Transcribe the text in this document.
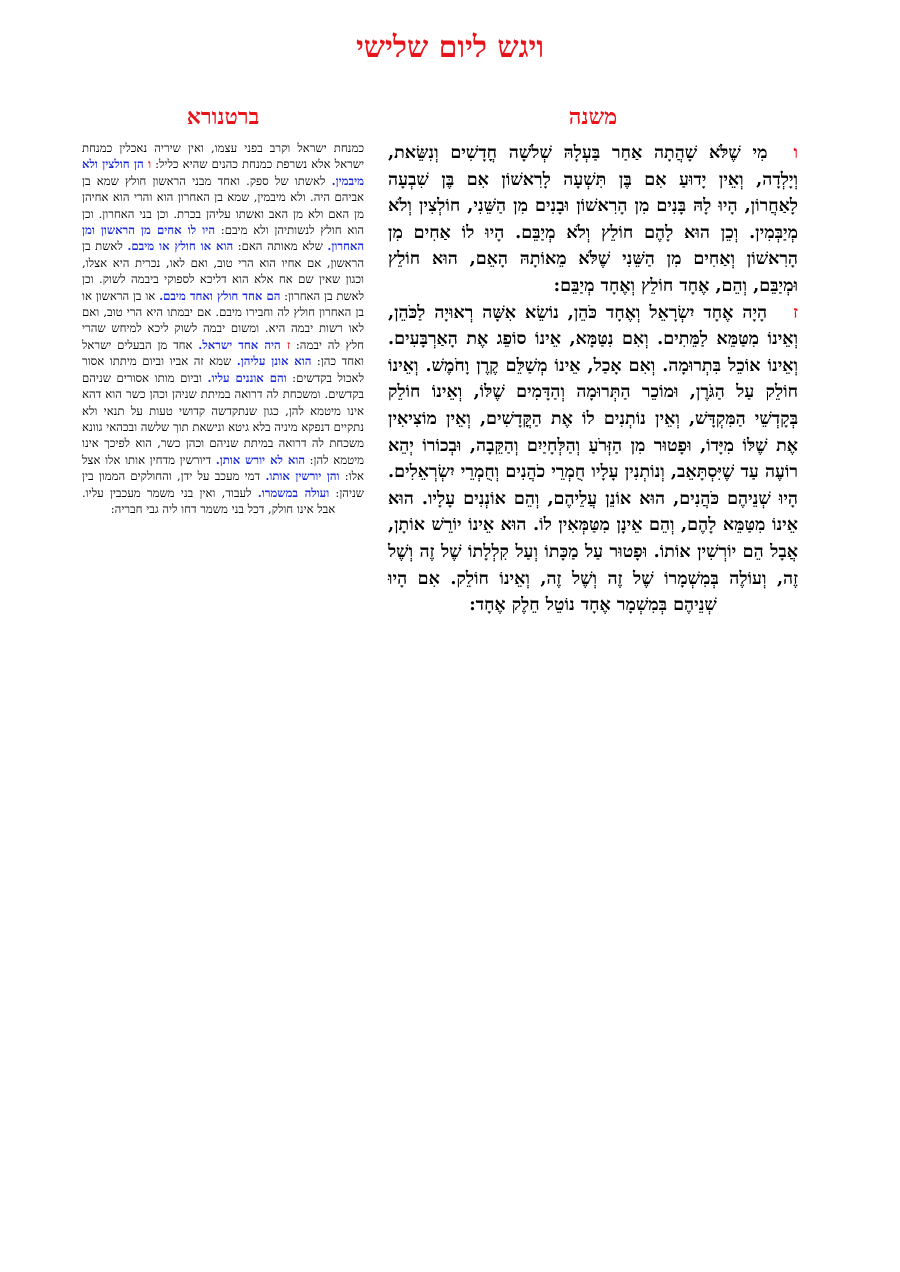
ויגש ליום שלישי
משנה

ומִי שֶׁלֹּא שָׁהֲתָה אַחַר בַּעְלָהּ שְׁלֹשָׁה חֳדָשִׁים וְנִשֵּׂאת, וְיָלְדָה, וְאֵין יָדוּעַ אִם בֶּן תִּשְׁעָה לָרִאשׁוֹן אִם בֶּן שִׁבְעָה לָאַחֲרוֹן, הָיוּ לָהּ בָּנִים מִן הָרִאשׁוֹן וּבָנִים מִן הַשֵּׁנִי, חוֹלְצִין וְלֹא מְיַבְּמִין. וְכֵן הוּא לָהֶם חוֹלֵץ וְלֹא מְיַבֵּם. הָיוּ לוֹ אַחִים מִן הָרִאשׁוֹן וְאַחִים מִן הַשֵּׁנִי שֶׁלֹּא מֵאוֹתָהּ הָאֵם, הוּא חוֹלֵץ וּמְיַבֵּם, וְהֵם, אֶחָד חוֹלֵץ וְאֶחָד מְיַבֵּם:

זהָיָה אֶחָד יִשְׂרָאֵל וְאֶחָד כֹּהֵן, נוֹשֵׂא אִשָּׁה רְאוּיָה לַכֹּהֵן, וְאֵינוֹ מִטַּמֵּא לַמֵּתִים. וְאִם נִטַּמָּא, אֵינוֹ סוֹפֵג אֶת הָאַרְבָּעִים. וְאֵינוֹ אוֹכֵל בִּתְרוּמָה. וְאִם אָכַל, אֵינוֹ מְשַׁלֵּם קֶרֶן וָחֹמֶשׁ. וְאֵינוֹ חוֹלֵק עַל הַגֹּרֶן, וּמוֹכֵר הַתְּרוּמָה וְהַדָּמִים שֶׁלּוֹ, וְאֵינוֹ חוֹלֵק בְּקָדְשֵׁי הַמִּקְדָּשׁ, וְאֵין נוֹתְנִים לוֹ אֶת הַקֳּדָשִׁים, וְאֵין מוֹצִיאִין אֶת שֶׁלּוֹ מִיָּדוֹ, וּפָטוּר מִן הַזְּרֹעַ וְהַלְּחָיַיִם וְהַקֵּבָה, וּבְכוֹרוֹ יְהֵא רוֹעֶה עַד שֶׁיִּסְתָּאֵב, וְנוֹתְנִין עָלָיו חֻמְרֵי כֹהֲנִים וְחֻמְרֵי יִשְׂרְאֵלִים. הָיוּ שְׁנֵיהֶם כֹּהֲנִים, הוּא אוֹנֵן עֲלֵיהֶם, וְהֵם אוֹנְנִים עָלָיו. הוּא אֵינוֹ מִטַּמֵּא לָהֶם, וְהֵם אֵינָן מִטַּמְּאִין לוֹ. הוּא אֵינוֹ יוֹרֵשׁ אוֹתָן, אֲבָל הֵם יוֹרְשִׁין אוֹתוֹ. וּפָטוּר עַל מַכָּתוֹ וְעַל קִלְלָתוֹ שֶׁל זֶה וְשֶׁל זֶה, וְעוֹלֶה בְּמִשְׁמָרוֹ שֶׁל זֶה וְשֶׁל זֶה, וְאֵינוֹ חוֹלֵק. אִם הָיוּ שְׁנֵיהֶם בְּמִשְׁמָר אֶחָד נוֹטֵל חֵלֶק אֶחָד:

ברטנורא

כמנחת ישראל וקרב בפני עצמו, ואין שיריה נאכלין כמנחת ישראל אלא נשרפת כמנחת כהנים שהיא כליל: ו הן חולצין ולא מיבמין. לאשתו של ספק. ואחד מבני הראשון חולץ שמא בן אביהם היה. ולא מיבמין, שמא בן האחרון הוא והרי הוא אחיהן מן האם ולא מן האב ואשתו עליהן בכרת. וכן בני האחרון. וכן הוא חולץ לנשותיהן ולא מיבם: היו לו אחים מן הראשון ומן האחרון. שלא מאותה האם: הוא או חולץ או מיבם. לאשת בן הראשון, אם אחיו הוא הרי טוב, ואם לאו, נכרית היא אצלו, וכגון שאין שם אח אלא הוא דליכא לספוקי ביבמה לשוק. וכן לאשת בן האחרון: הם אחד חולץ ואחד מיבם. או בן הראשון או בן האחרון חולץ לה וחבירו מיבם. אם יבמתו היא הרי טוב, ואם לאו רשות יבמה היא. ומשום יבמה לשוק ליכא למיחש שהרי חלץ לה יבמה: ז היה אחד ישראל. אחד מן הבעלים ישראל ואחד כהן: הוא אונן עליהן. שמא זה אביו וביום מיתתו אסור לאכול בקדשים: והם אוננים עליו. וביום מותו אסורים שניהם בקדשים. ומשכחת לה דרואה במיתת שניהן וכהן כשר הוא דהא אינו מיטמא להן, כגון שנתקדשה קדושי טעות על תנאי ולא נתקיים דנפקא מיניה בלא גיטא ונישאת תוך שלשה ובכהאי גוונא משכחת לה דרואה במיתת שניהם וכהן כשר, הוא לפיכך אינו מיטמא להן: הוא לא יורש אותן. דיורשין מדחין אותו אלו אצל אלו: והן יורשין אותו. דמי מעכב על ידן, והחולקים הממון בין שניהן: ועולה במשמרו. לעבוד, ואין בני משמר מעכבין עליו. אבל אינו חולק, דכל בני משמר דחו ליה גבי חבריה:
